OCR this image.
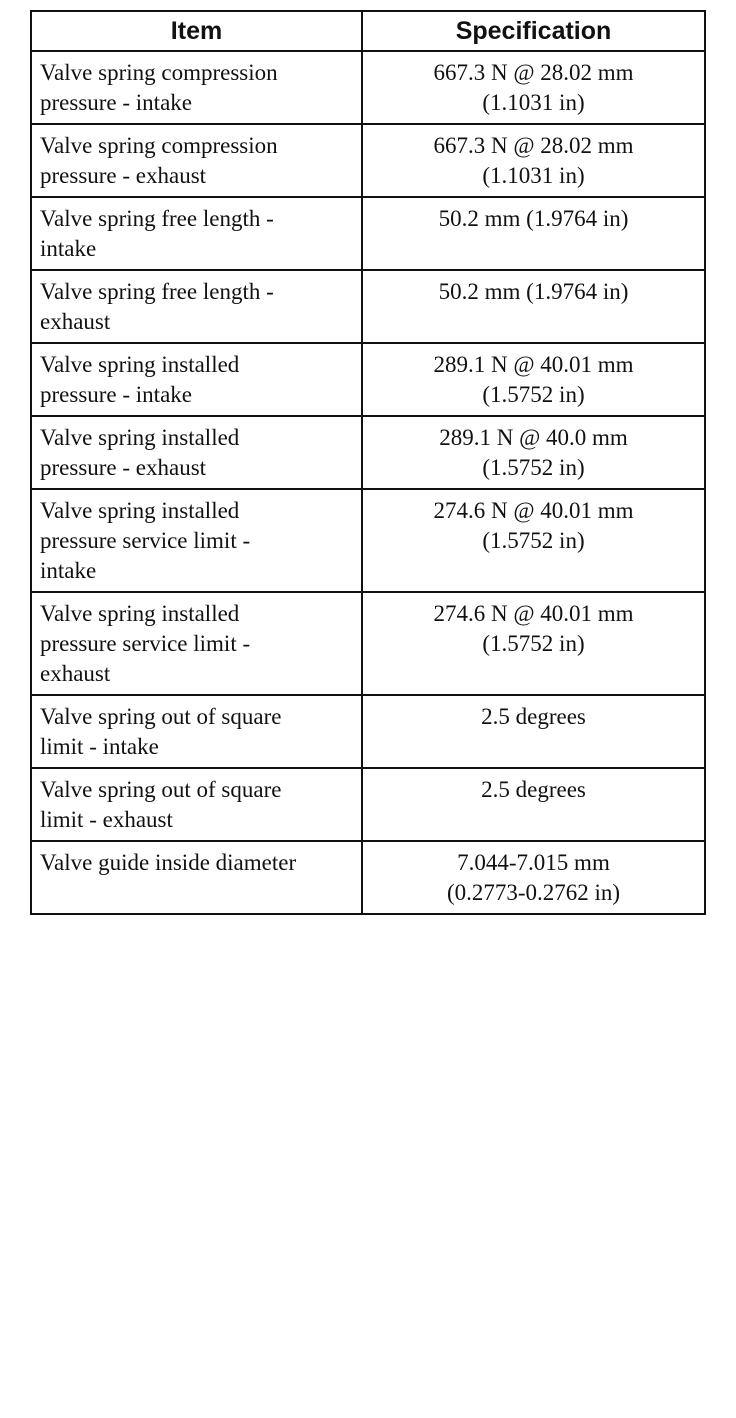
Item	Specification
Valve spring compression
pressure - intake	667.3 N @ 28.02 mm
(1.1031 in)
Valve spring compression
pressure - exhaust	667.3 N @ 28.02 mm
(1.1031 in)
Valve spring free length -
intake	50.2 mm (1.9764 in)
Valve spring free length -
exhaust	50.2 mm (1.9764 in)
Valve spring installed
pressure - intake	289.1 N @ 40.01 mm
(1.5752 in)
Valve spring installed
pressure - exhaust	289.1 N @ 40.0 mm
(1.5752 in)
Valve spring installed
pressure service limit -
intake	274.6 N @ 40.01 mm
(1.5752 in)
Valve spring installed
pressure service limit -
exhaust	274.6 N @ 40.01 mm
(1.5752 in)
Valve spring out of square
limit - intake	2.5 degrees
Valve spring out of square
limit - exhaust	2.5 degrees
Valve guide inside diameter	7.044-7.015 mm
(0.2773-0.2762 in)
